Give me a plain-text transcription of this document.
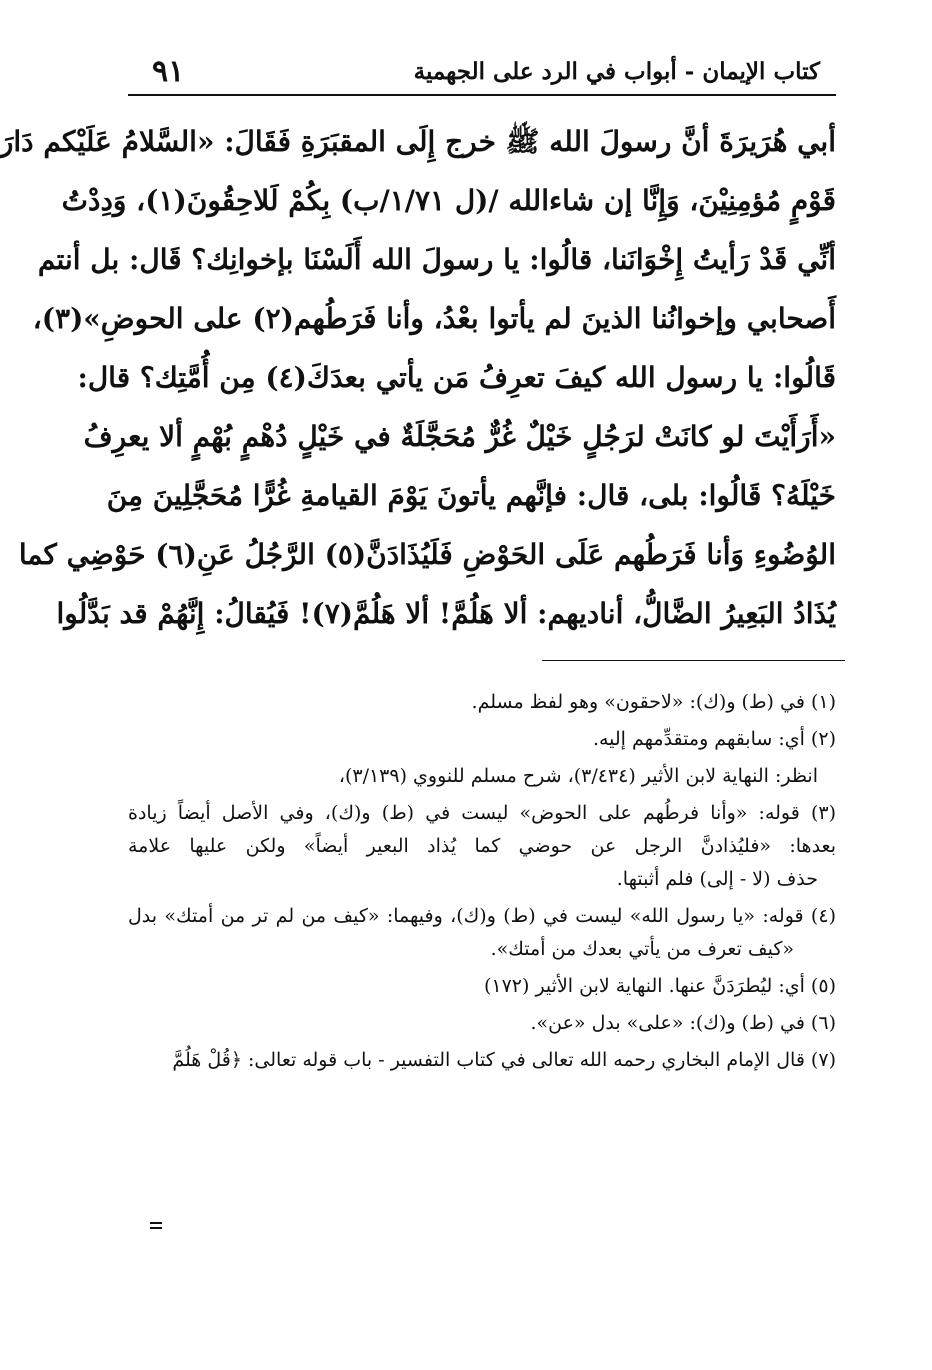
٩١	كتاب الإيمان - أبواب في الرد على الجهمية
أبي هُرَيرَةَ أنَّ رسولَ الله ﷺ خرج إِلَى المقبَرَةِ فَقَالَ: «السَّلامُ عَلَيْكم دَارَ
قَوْمٍ مُؤمِنِيْنَ، وَإِنَّا إن شاءالله /(ل ١/٧١/ب) بِكُمْ لَلاحِقُونَ(١)، وَدِدْتُ
أنِّي قَدْ رَأيتُ إِخْوَانَنا، قالُوا: يا رسولَ الله أَلَسْنَا بإخوانِك؟ قَال: بل أنتم
أَصحابي وإخوانُنا الذينَ لم يأتوا بعْدُ، وأنا فَرَطُهم(٢) على الحوضِ»(٣)،
قَالُوا: يا رسول الله كيفَ تعرِفُ مَن يأتي بعدَكَ(٤) مِن أُمَّتِك؟ قال:
«أَرَأَيْتَ لو كانَتْ لرَجُلٍ خَيْلٌ غُرٌّ مُحَجَّلَةٌ في خَيْلٍ دُهْمٍ بُهْمٍ ألا يعرِفُ
خَيْلَهُ؟ قَالُوا: بلى، قال: فإنَّهم يأتونَ يَوْمَ القيامةِ غُرًّا مُحَجَّلِينَ مِنَ
الوُضُوءِ وَأنا فَرَطُهم عَلَى الحَوْضِ فَلَيُذَادَنَّ(٥) الرَّجُلُ عَنِ(٦) حَوْضِي كما
يُذَادُ البَعِيرُ الضَّالُّ، أناديهم: ألا هَلُمَّ! ألا هَلُمَّ(٧)! فَيُقالُ: إِنَّهُمْ قد بَدَّلُوا
(١) في (ط) و(ك): «لاحقون» وهو لفظ مسلم.
(٢) أي: سابقهم ومتقدِّمهم إليه.
انظر: النهاية لابن الأثير (٣/٤٣٤)، شرح مسلم للنووي (٣/١٣٩)،
(٣) قوله: «وأنا فرطُهم على الحوض» ليست في (ط) و(ك)، وفي الأصل أيضاً زيادة
بعدها: «فليُذادنَّ الرجل عن حوضي كما يُذاد البعير أيضاً» ولكن عليها علامة
حذف (لا - إلى) فلم أثبتها.
(٤) قوله: «يا رسول الله» ليست في (ط) و(ك)، وفيهما: «كيف من لم تر من أمتك» بدل
«كيف تعرف من يأتي بعدك من أمتك».
(٥) أي: ليُطرَدَنَّ عنها. النهاية لابن الأثير (١٧٢)
(٦) في (ط) و(ك): «على» بدل «عن».
(٧) قال الإمام البخاري رحمه الله تعالى في كتاب التفسير - باب قوله تعالى: ﴿قُلْ هَلُمَّ
